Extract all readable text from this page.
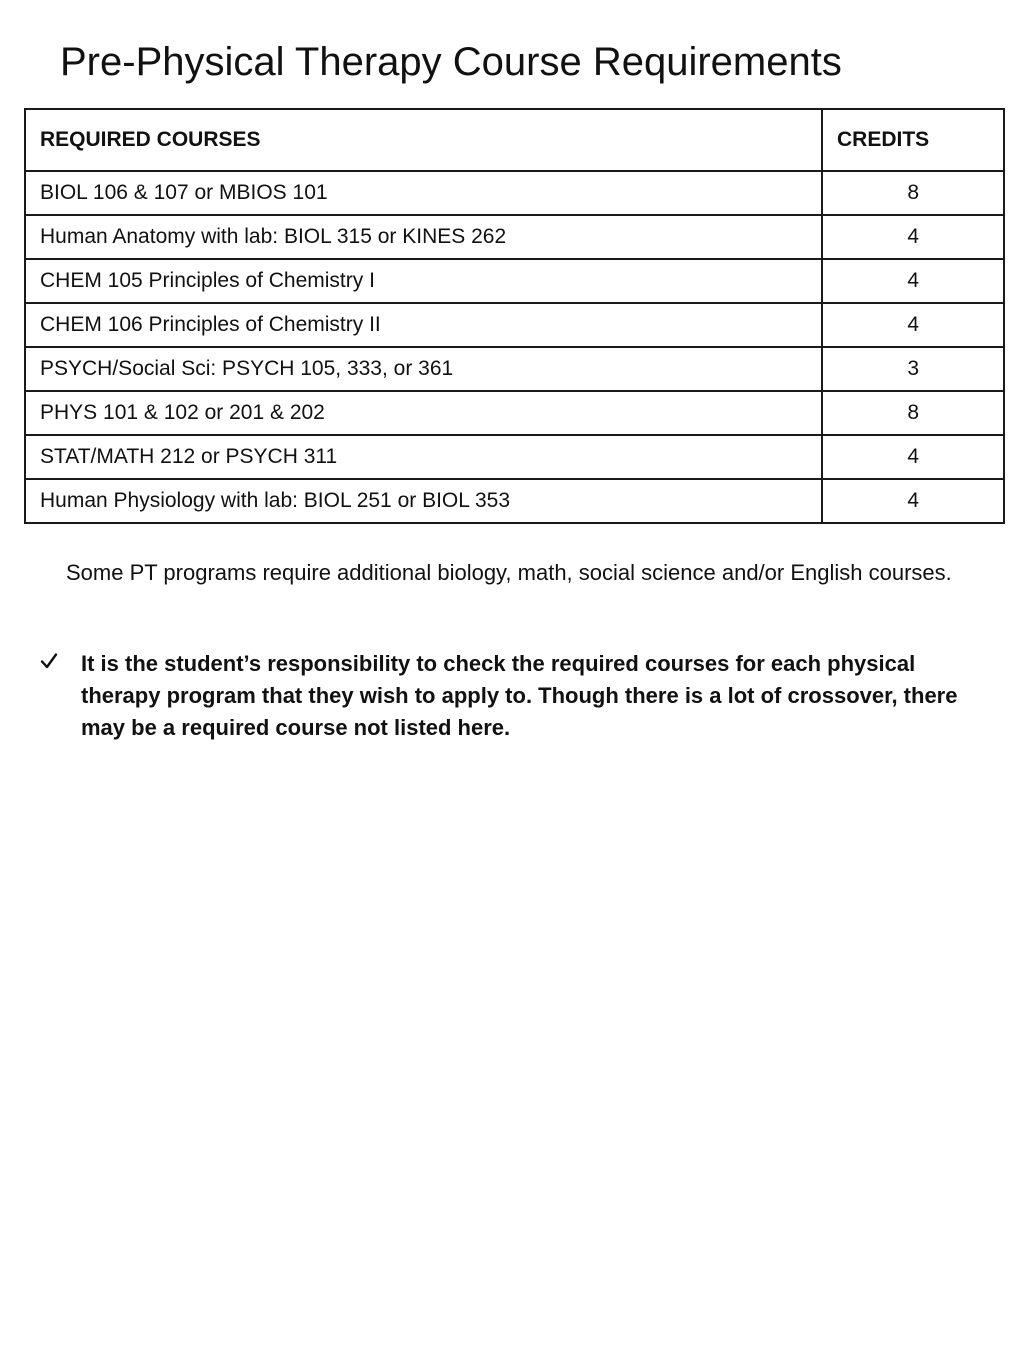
Pre-Physical Therapy Course Requirements
REQUIRED COURSES	CREDITS
BIOL 106 & 107 or MBIOS 101	8
Human Anatomy with lab: BIOL 315 or KINES 262	4
CHEM 105 Principles of Chemistry I	4
CHEM 106 Principles of Chemistry II	4
PSYCH/Social Sci: PSYCH 105, 333, or 361	3
PHYS 101 & 102 or 201 & 202	8
STAT/MATH 212 or PSYCH 311	4
Human Physiology with lab: BIOL 251 or BIOL 353	4

Some PT programs require additional biology, math, social science and/or English courses.

It is the student’s responsibility to check the required courses for each physical therapy program that they wish to apply to. Though there is a lot of crossover, there may be a required course not listed here.
